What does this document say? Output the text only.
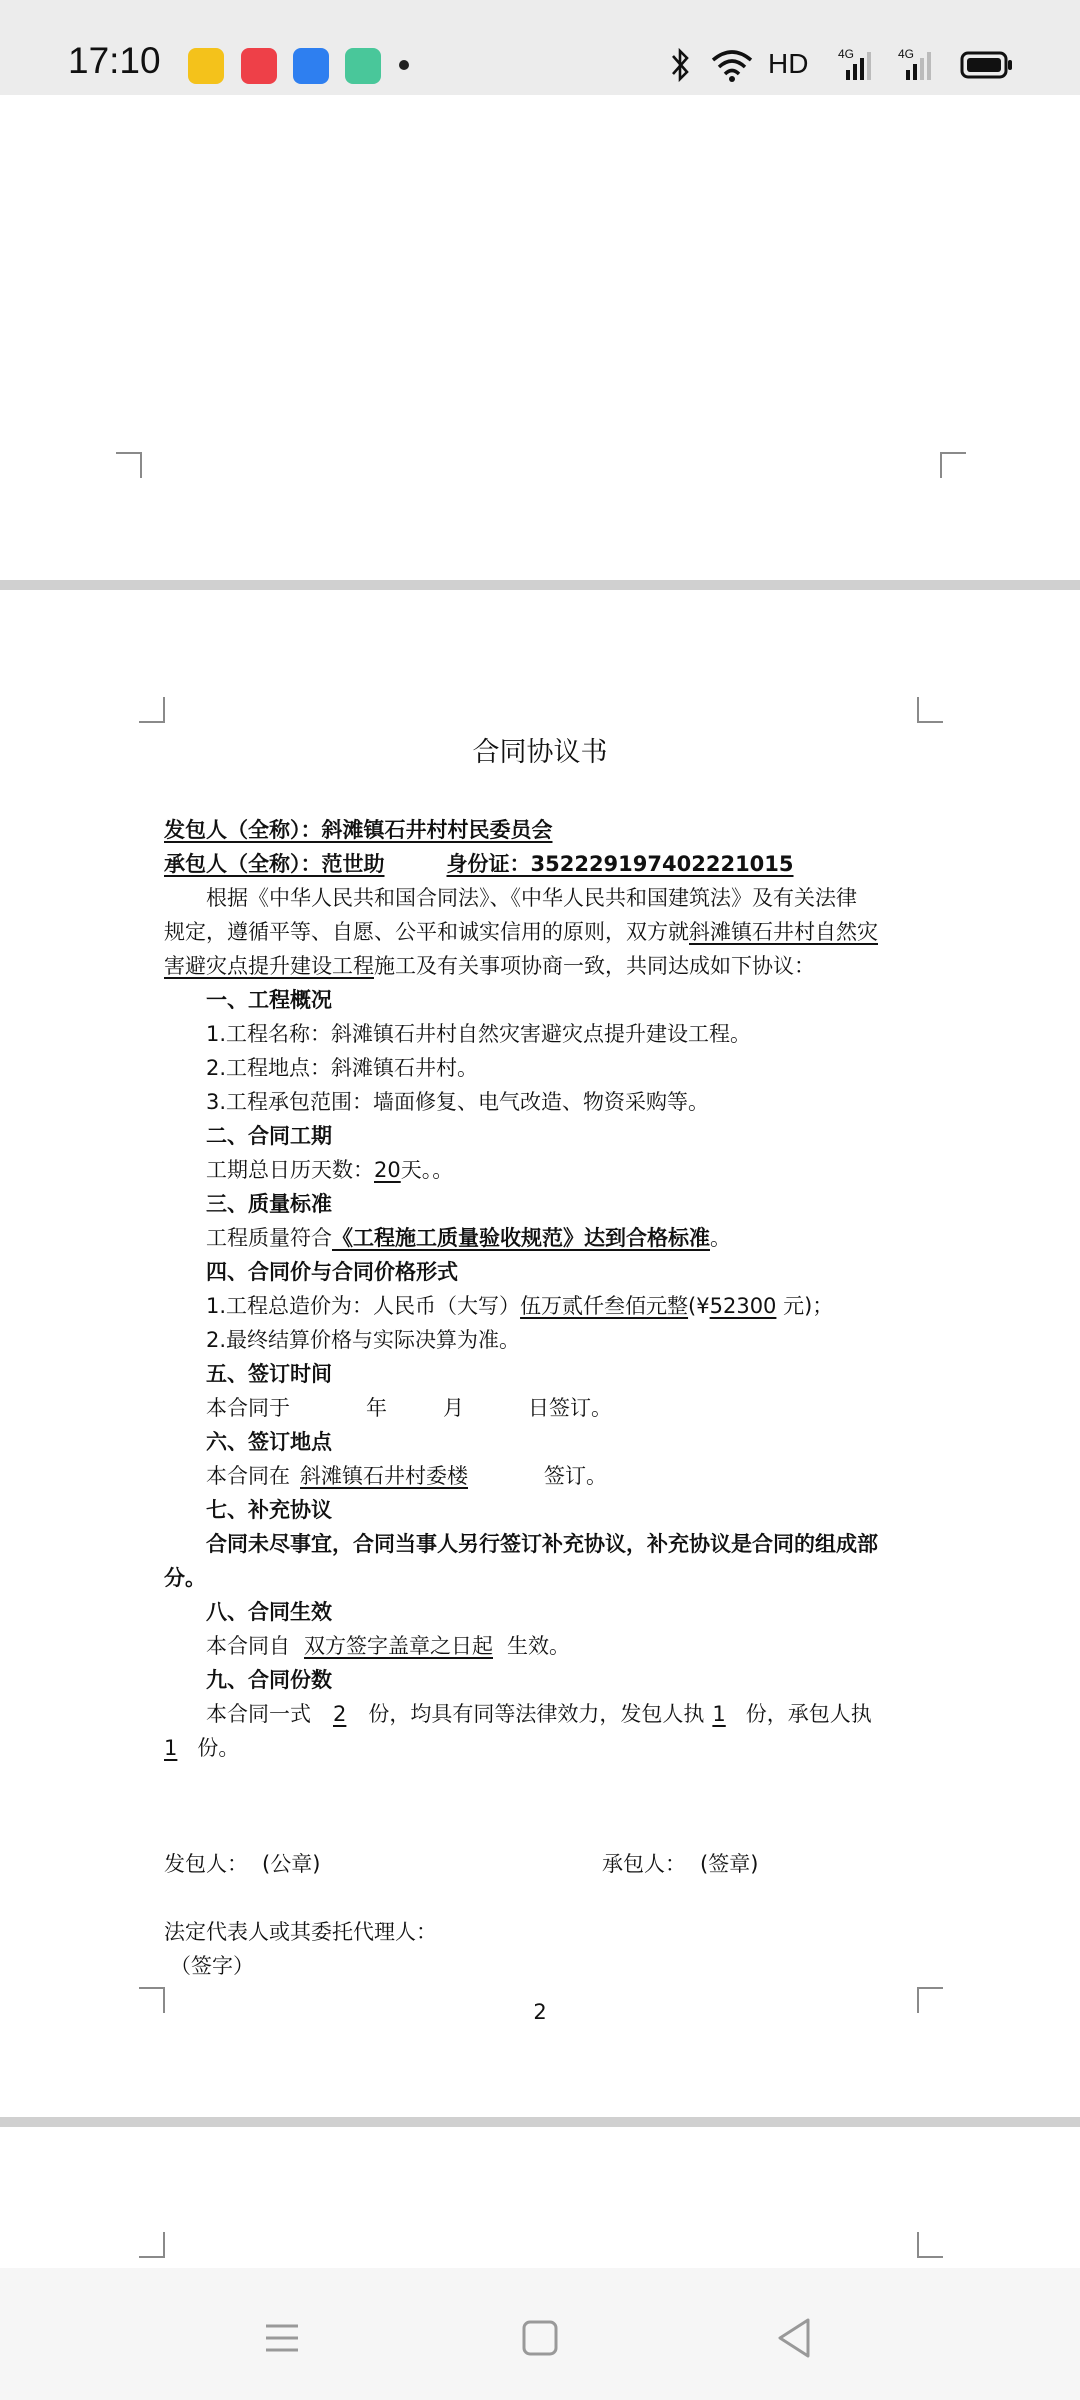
17:10	HD 4G	4G
合同协议书
发包人（全称）：斜滩镇石井村村民委员会
承包人（全称）：范世助	身份证：352229197402221015
根据《中华人民共和国合同法》、《中华人民共和国建筑法》及有关法律
规定，遵循平等、自愿、公平和诚实信用的原则，双方就斜滩镇石井村自然灾
害避灾点提升建设工程施工及有关事项协商一致，共同达成如下协议：
一、工程概况
1.工程名称：斜滩镇石井村自然灾害避灾点提升建设工程。
2.工程地点：斜滩镇石井村。
3.工程承包范围：墙面修复、电气改造、物资采购等。
二、合同工期
工期总日历天数：20天。。
三、质量标准
工程质量符合《工程施工质量验收规范》达到合格标准。
四、合同价与合同价格形式
1.工程总造价为：人民币（大写）伍万贰仟叁佰元整(¥52300 元)；
2.最终结算价格与实际决算为准。
五、签订时间
本合同于	年	月	日签订。
六、签订地点
本合同在 斜滩镇石井村委楼	签订。
七、补充协议
合同未尽事宜，合同当事人另行签订补充协议，补充协议是合同的组成部
分。
八、合同生效
本合同自 双方签字盖章之日起 生效。
九、合同份数
本合同一式 2 份，均具有同等法律效力，发包人执 1 份，承包人执
1 份。
发包人： (公章)	承包人： (签章)
法定代表人或其委托代理人：
（签字）
2
